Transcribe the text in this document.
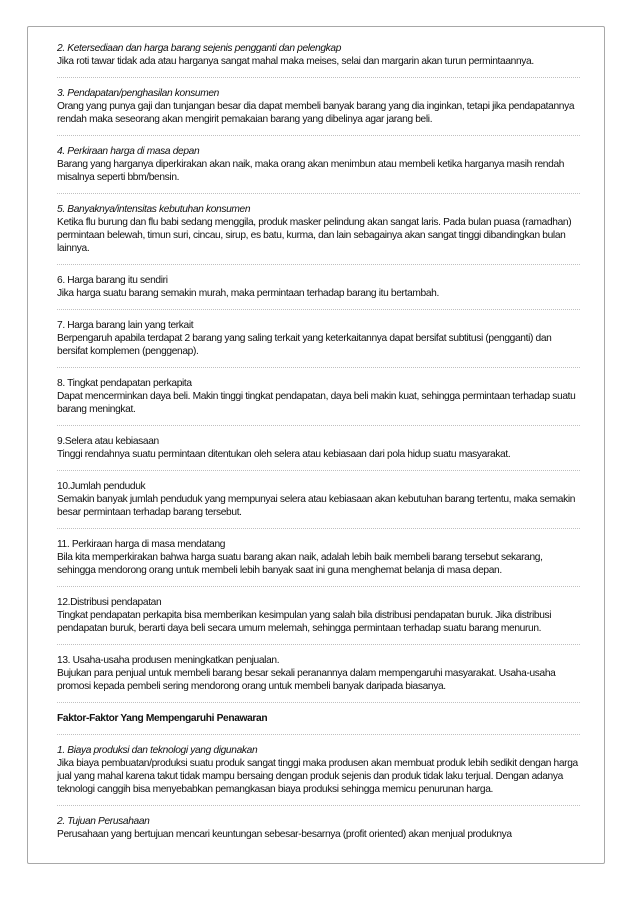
2. Ketersediaan dan harga barang sejenis pengganti dan pelengkap

Jika roti tawar tidak ada atau harganya sangat mahal maka meises, selai dan margarin akan turun permintaannya.

3. Pendapatan/penghasilan konsumen

Orang yang punya gaji dan tunjangan besar dia dapat membeli banyak barang yang dia inginkan, tetapi jika pendapatannya rendah maka seseorang akan mengirit pemakaian barang yang dibelinya agar jarang beli.

4. Perkiraan harga di masa depan

Barang yang harganya diperkirakan akan naik, maka orang akan menimbun atau membeli ketika harganya masih rendah misalnya seperti bbm/bensin.

5. Banyaknya/intensitas kebutuhan konsumen

Ketika flu burung dan flu babi sedang menggila, produk masker pelindung akan sangat laris. Pada bulan puasa (ramadhan) permintaan belewah, timun suri, cincau, sirup, es batu, kurma, dan lain sebagainya akan sangat tinggi dibandingkan bulan lainnya.

6. Harga barang itu sendiri

Jika harga suatu barang semakin murah, maka permintaan terhadap barang itu bertambah.

7. Harga barang lain yang terkait

Berpengaruh apabila terdapat 2 barang yang saling terkait yang keterkaitannya dapat bersifat subtitusi (pengganti) dan bersifat komplemen (penggenap).

8. Tingkat pendapatan perkapita

Dapat mencerminkan daya beli. Makin tinggi tingkat pendapatan, daya beli makin kuat, sehingga permintaan terhadap suatu barang meningkat.

9.Selera atau kebiasaan

Tinggi rendahnya suatu permintaan ditentukan oleh selera atau kebiasaan dari pola hidup suatu masyarakat.

10.Jumlah penduduk

Semakin banyak jumlah penduduk yang mempunyai selera atau kebiasaan akan kebutuhan barang tertentu, maka semakin besar permintaan terhadap barang tersebut.

11. Perkiraan harga di masa mendatang

Bila kita memperkirakan bahwa harga suatu barang akan naik, adalah lebih baik membeli barang tersebut sekarang, sehingga mendorong orang untuk membeli lebih banyak saat ini guna menghemat belanja di masa depan.

12.Distribusi pendapatan

Tingkat pendapatan perkapita bisa memberikan kesimpulan yang salah bila distribusi pendapatan buruk. Jika distribusi pendapatan buruk, berarti daya beli secara umum melemah, sehingga permintaan terhadap suatu barang menurun.

13. Usaha-usaha produsen meningkatkan penjualan.

Bujukan para penjual untuk membeli barang besar sekali peranannya dalam mempengaruhi masyarakat. Usaha-usaha promosi kepada pembeli sering mendorong orang untuk membeli banyak daripada biasanya.

Faktor-Faktor Yang Mempengaruhi Penawaran
1. Biaya produksi dan teknologi yang digunakan

Jika biaya pembuatan/produksi suatu produk sangat tinggi maka produsen akan membuat produk lebih sedikit dengan harga jual yang mahal karena takut tidak mampu bersaing dengan produk sejenis dan produk tidak laku terjual. Dengan adanya teknologi canggih bisa menyebabkan pemangkasan biaya produksi sehingga memicu penurunan harga.

2. Tujuan Perusahaan

Perusahaan yang bertujuan mencari keuntungan sebesar-besarnya (profit oriented) akan menjual produknya
